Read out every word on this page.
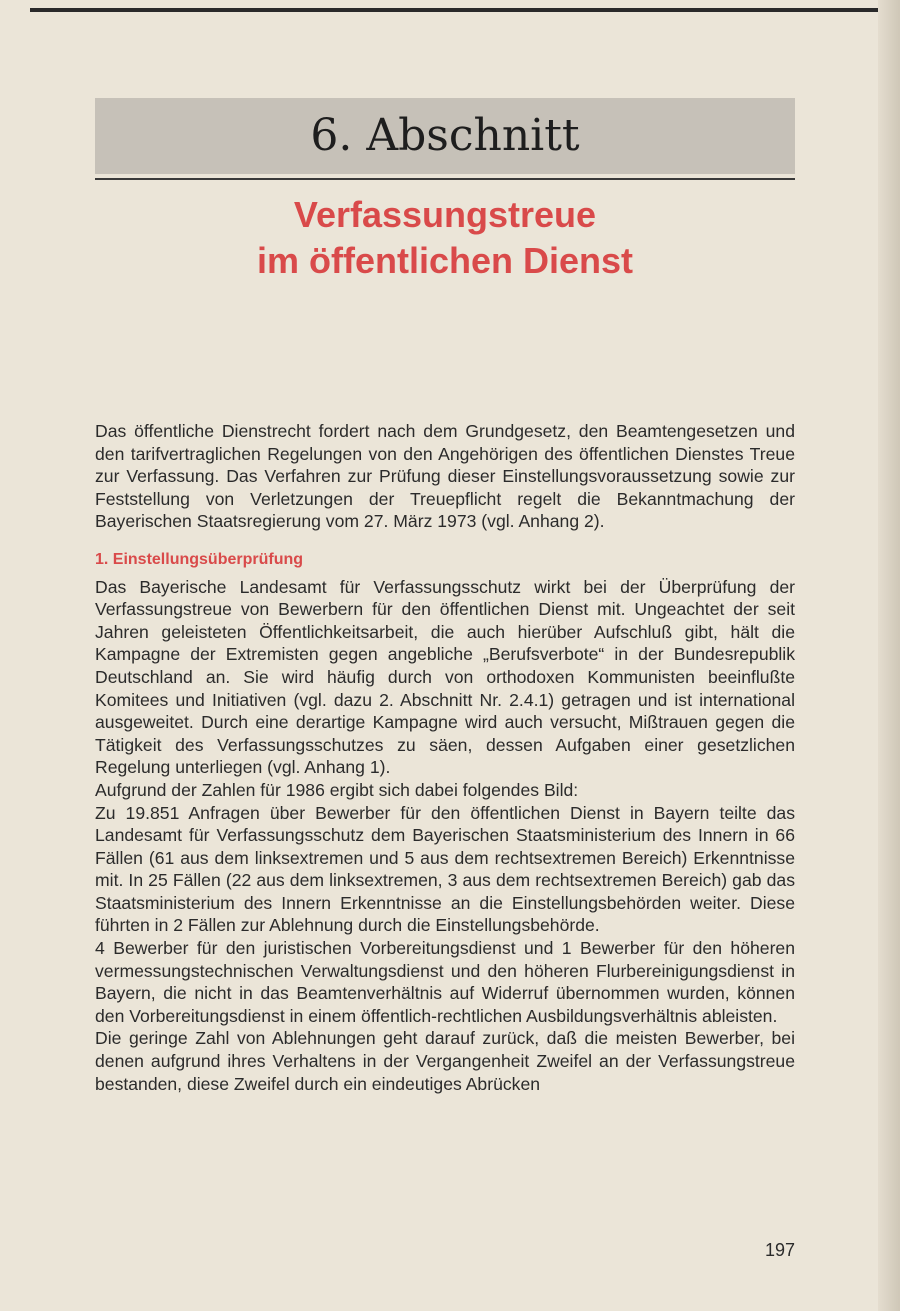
6. Abschnitt
Verfassungstreue
im öffentlichen Dienst

Das öffentliche Dienstrecht fordert nach dem Grundgesetz, den Beamtengesetzen und den tarifvertraglichen Regelungen von den Angehörigen des öffentlichen Dienstes Treue zur Verfassung. Das Verfahren zur Prüfung dieser Einstellungsvoraussetzung sowie zur Feststellung von Verletzungen der Treuepflicht regelt die Bekanntmachung der Bayerischen Staatsregierung vom 27. März 1973 (vgl. Anhang 2).

1. Einstellungsüberprüfung

Das Bayerische Landesamt für Verfassungsschutz wirkt bei der Überprüfung der Verfassungstreue von Bewerbern für den öffentlichen Dienst mit. Ungeachtet der seit Jahren geleisteten Öffentlichkeitsarbeit, die auch hierüber Aufschluß gibt, hält die Kampagne der Extremisten gegen angebliche „Berufsverbote“ in der Bundesrepublik Deutschland an. Sie wird häufig durch von orthodoxen Kommunisten beeinflußte Komitees und Initiativen (vgl. dazu 2. Abschnitt Nr. 2.4.1) getragen und ist international ausgeweitet. Durch eine derartige Kampagne wird auch versucht, Mißtrauen gegen die Tätigkeit des Verfassungsschutzes zu säen, dessen Aufgaben einer gesetzlichen Regelung unterliegen (vgl. Anhang 1).

Aufgrund der Zahlen für 1986 ergibt sich dabei folgendes Bild:

Zu 19.851 Anfragen über Bewerber für den öffentlichen Dienst in Bayern teilte das Landesamt für Verfassungsschutz dem Bayerischen Staatsministerium des Innern in 66 Fällen (61 aus dem linksextremen und 5 aus dem rechtsextremen Bereich) Erkenntnisse mit. In 25 Fällen (22 aus dem linksextremen, 3 aus dem rechtsextremen Bereich) gab das Staatsministerium des Innern Erkenntnisse an die Einstellungsbehörden weiter. Diese führten in 2 Fällen zur Ablehnung durch die Einstellungsbehörde.

4 Bewerber für den juristischen Vorbereitungsdienst und 1 Bewerber für den höheren vermessungstechnischen Verwaltungsdienst und den höheren Flurbereinigungsdienst in Bayern, die nicht in das Beamtenverhältnis auf Widerruf übernommen wurden, können den Vorbereitungsdienst in einem öffentlich-rechtlichen Ausbildungsverhältnis ableisten.

Die geringe Zahl von Ablehnungen geht darauf zurück, daß die meisten Bewerber, bei denen aufgrund ihres Verhaltens in der Vergangenheit Zweifel an der Verfassungstreue bestanden, diese Zweifel durch ein eindeutiges Abrücken

197
